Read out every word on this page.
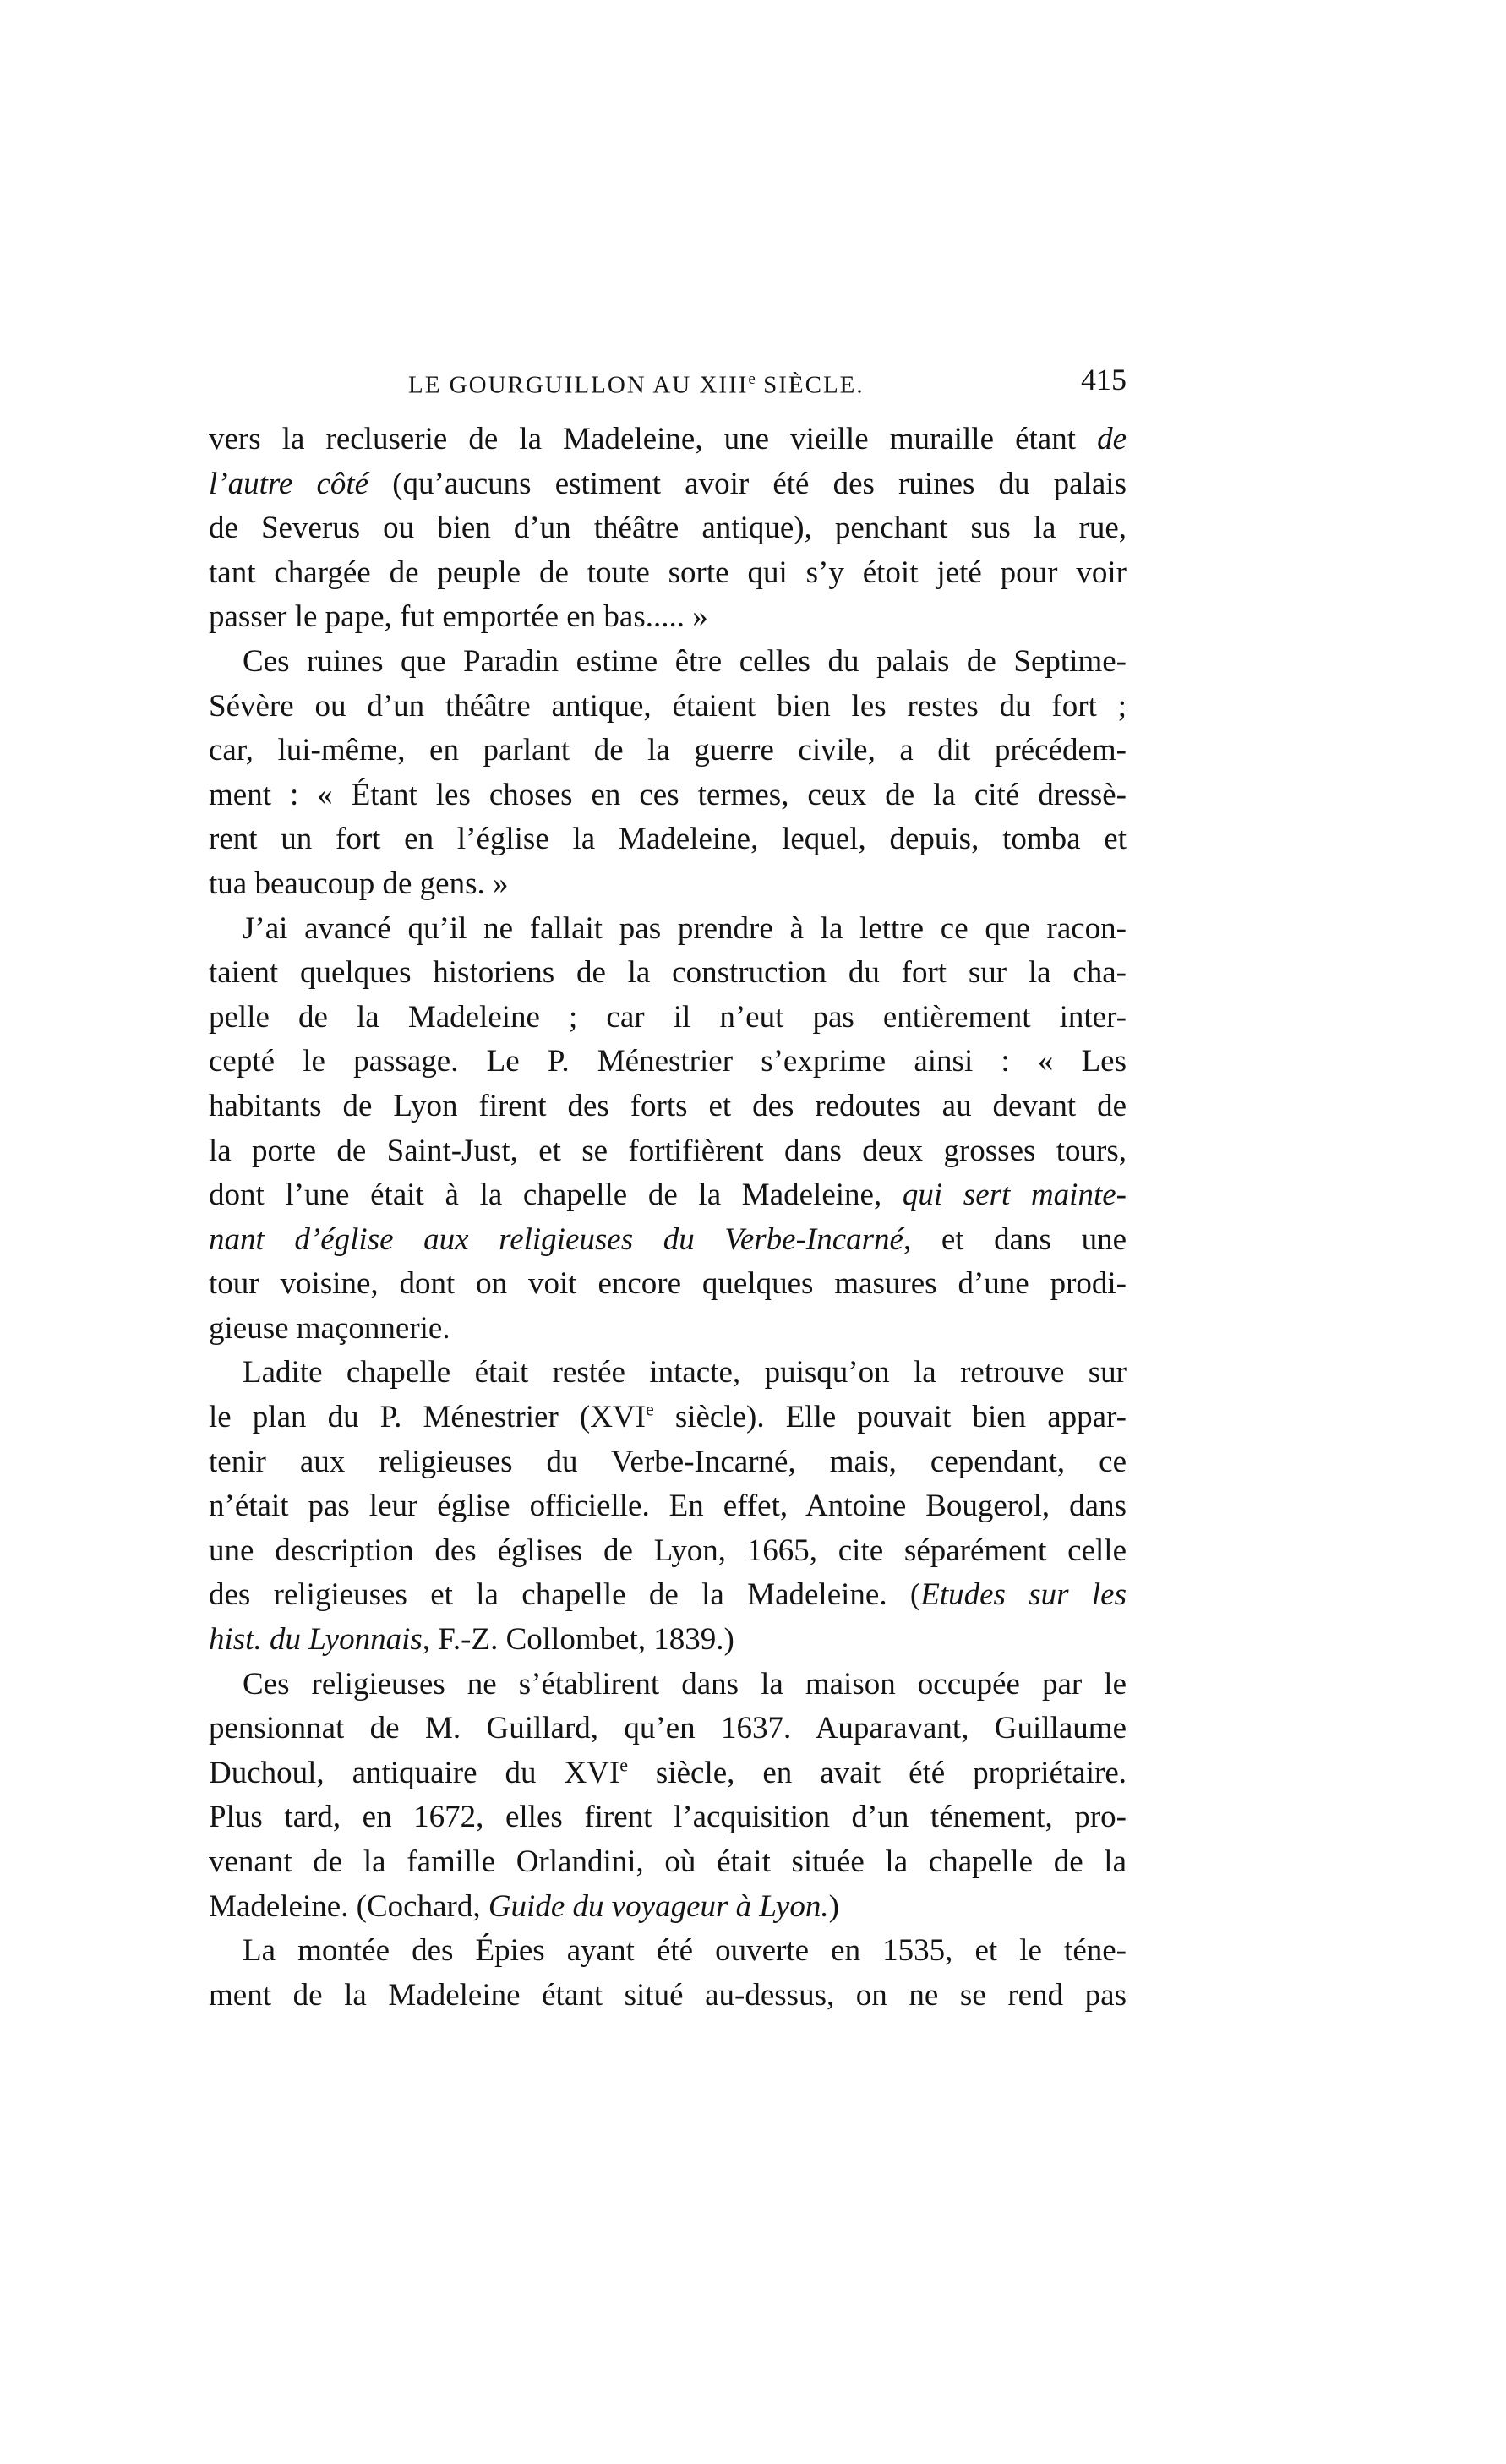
LE GOURGUILLON AU XIIIe SIÈCLE.	415
vers la recluserie de la Madeleine, une vieille muraille étant de
l’autre côté (qu’aucuns estiment avoir été des ruines du palais
de Severus ou bien d’un théâtre antique), penchant sus la rue,
tant chargée de peuple de toute sorte qui s’y étoit jeté pour voir
passer le pape, fut emportée en bas..... »
Ces ruines que Paradin estime être celles du palais de Septime-
Sévère ou d’un théâtre antique, étaient bien les restes du fort ;
car, lui-même, en parlant de la guerre civile, a dit précédem-
ment : « Étant les choses en ces termes, ceux de la cité dressè-
rent un fort en l’église la Madeleine, lequel, depuis, tomba et
tua beaucoup de gens. »
J’ai avancé qu’il ne fallait pas prendre à la lettre ce que racon-
taient quelques historiens de la construction du fort sur la cha-
pelle de la Madeleine ; car il n’eut pas entièrement inter-
cepté le passage. Le P. Ménestrier s’exprime ainsi : « Les
habitants de Lyon firent des forts et des redoutes au devant de
la porte de Saint-Just, et se fortifièrent dans deux grosses tours,
dont l’une était à la chapelle de la Madeleine, qui sert mainte-
nant d’église aux religieuses du Verbe-Incarné, et dans une
tour voisine, dont on voit encore quelques masures d’une prodi-
gieuse maçonnerie.
Ladite chapelle était restée intacte, puisqu’on la retrouve sur
le plan du P. Ménestrier (XVIe siècle). Elle pouvait bien appar-
tenir aux religieuses du Verbe-Incarné, mais, cependant, ce
n’était pas leur église officielle. En effet, Antoine Bougerol, dans
une description des églises de Lyon, 1665, cite séparément celle
des religieuses et la chapelle de la Madeleine. (Etudes sur les
hist. du Lyonnais, F.-Z. Collombet, 1839.)
Ces religieuses ne s’établirent dans la maison occupée par le
pensionnat de M. Guillard, qu’en 1637. Auparavant, Guillaume
Duchoul, antiquaire du XVIe siècle, en avait été propriétaire.
Plus tard, en 1672, elles firent l’acquisition d’un ténement, pro-
venant de la famille Orlandini, où était située la chapelle de la
Madeleine. (Cochard, Guide du voyageur à Lyon.)
La montée des Épies ayant été ouverte en 1535, et le téne-
ment de la Madeleine étant situé au-dessus, on ne se rend pas
